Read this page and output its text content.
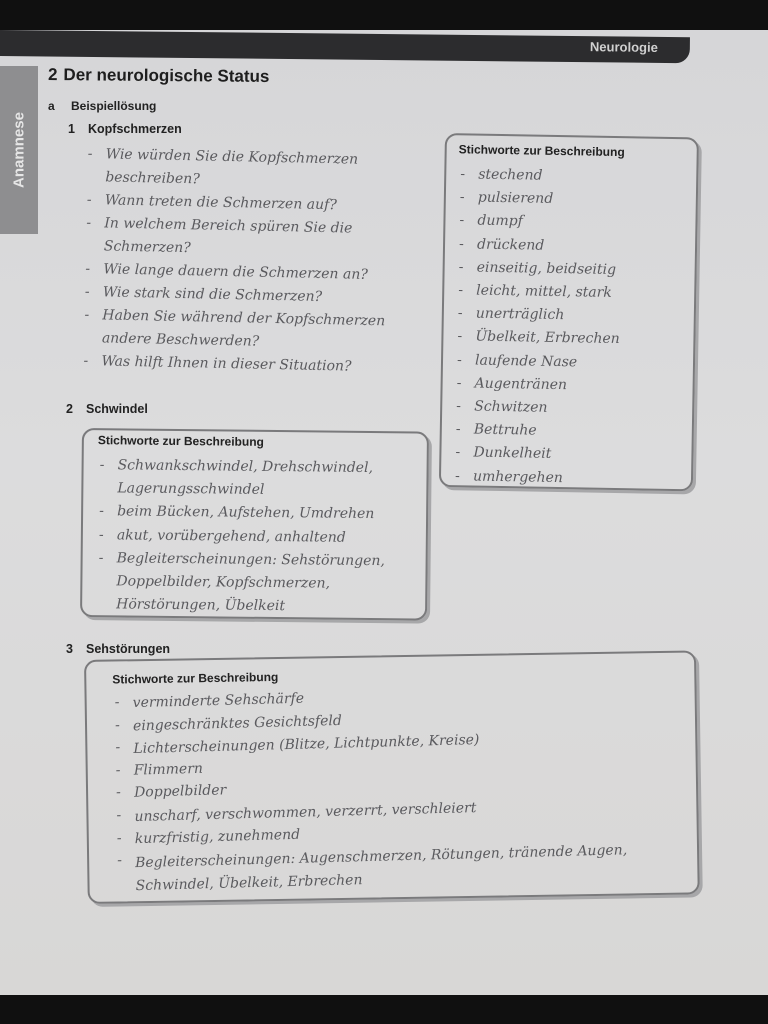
Neurologie
Anamnese
2 Der neurologische Status
a Beispiellösung
1 Kopfschmerzen
- Wie würden Sie die Kopfschmerzen beschreiben?
- Wann treten die Schmerzen auf?
- In welchem Bereich spüren Sie die Schmerzen?
- Wie lange dauern die Schmerzen an?
- Wie stark sind die Schmerzen?
- Haben Sie während der Kopfschmerzen andere Beschwerden?
- Was hilft Ihnen in dieser Situation?
Stichworte zur Beschreibung
- stechend
- pulsierend
- dumpf
- drückend
- einseitig, beidseitig
- leicht, mittel, stark
- unerträglich
- Übelkeit, Erbrechen
- laufende Nase
- Augentränen
- Schwitzen
- Bettruhe
- Dunkelheit
- umhergehen
2 Schwindel
Stichworte zur Beschreibung
- Schwankschwindel, Drehschwindel, Lagerungsschwindel
- beim Bücken, Aufstehen, Umdrehen
- akut, vorübergehend, anhaltend
- Begleiterscheinungen: Sehstörungen, Doppelbilder, Kopfschmerzen, Hörstörungen, Übelkeit
3 Sehstörungen
Stichworte zur Beschreibung
- verminderte Sehschärfe
- eingeschränktes Gesichtsfeld
- Lichterscheinungen (Blitze, Lichtpunkte, Kreise)
- Flimmern
- Doppelbilder
- unscharf, verschwommen, verzerrt, verschleiert
- kurzfristig, zunehmend
- Begleiterscheinungen: Augenschmerzen, Rötungen, tränende Augen, Schwindel, Übelkeit, Erbrechen
